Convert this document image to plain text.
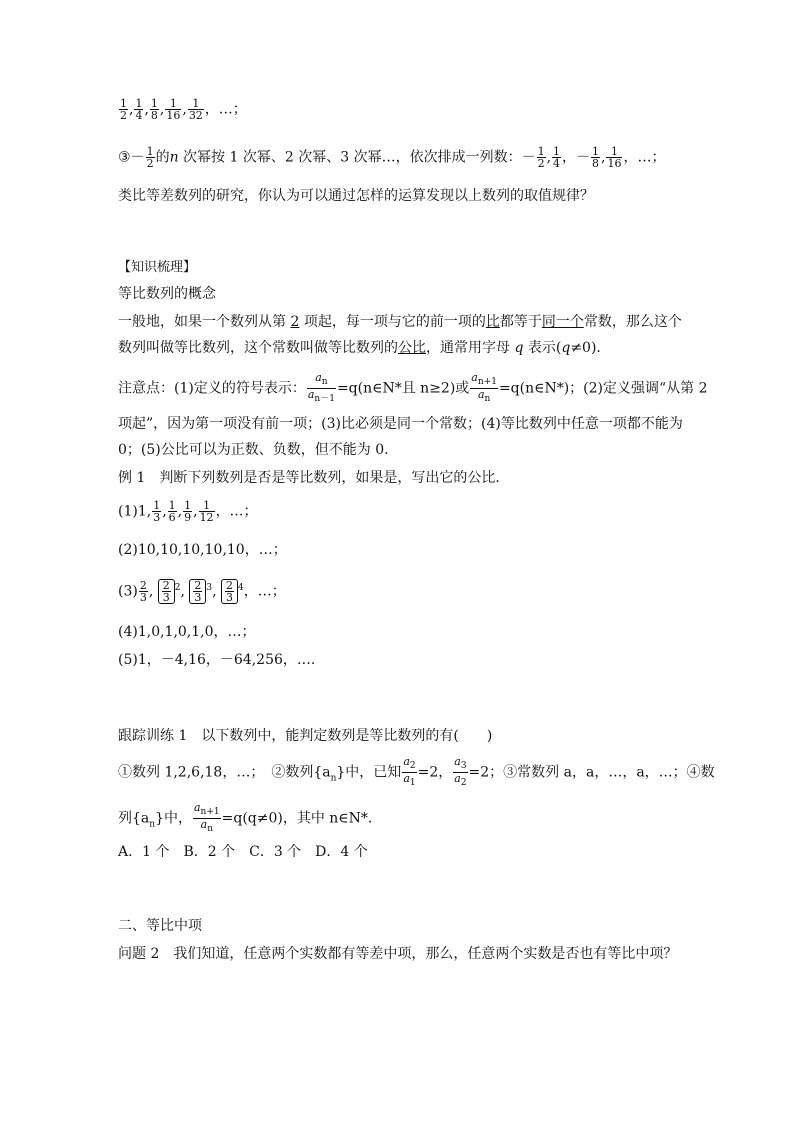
$\frac{1}{2}$ , $\frac{1}{4}$ , $\frac{1}{8}$ , $\frac{1}{16}$ , $\frac{1}{32}$ ，…；
③－ $\frac{1}{2}$ 的n 次幂按 1 次幂、2 次幂、3 次幂…，依次排成一列数：－ $\frac{1}{2}$ , $\frac{1}{4}$ ，－ $\frac{1}{8}$ , $\frac{1}{16}$ ，…；
类比等差数列的研究，你认为可以通过怎样的运算发现以上数列的取值规律？
【知识梳理】
等比数列的概念
一般地，如果一个数列从第 2 项起，每一项与它的前一项的比都等于同一个常数，那么这个
数列叫做等比数列，这个常数叫做等比数列的公比，通常用字母 q 表示(q≠0)．
注意点：(1)定义的符号表示： $\frac{a_n}{a_{n-1}}$ =q(n∈N*且 n≥2)或 $\frac{a_{n+1}}{a_n}$ =q(n∈N*)；(2)定义强调“从第 2
项起”，因为第一项没有前一项；(3)比必须是同一个常数；(4)等比数列中任意一项都不能为
0；(5)公比可以为正数、负数，但不能为 0.
例 1　判断下列数列是否是等比数列，如果是，写出它的公比．
(1)1, $\frac{1}{3}$ , $\frac{1}{6}$ , $\frac{1}{9}$ , $\frac{1}{12}$ ，…；
(2)10,10,10,10,10，…；
$(3) \frac{2}{3}$ , $\frac{2}{3} ^2$, $\frac{2}{3} ^3$, $\frac{2}{3} ^4$，…；
(4)1,0,1,0,1,0，…；
(5)1，－4,16，－64,256，….
跟踪训练 1　以下数列中，能判定数列是等比数列的有(　　)
①数列 1,2,6,18，…；　②数列$\{a_n\}$中，已知 $\frac{a_2}{a_1} =2$， $\frac{a_3}{a_2} =2$；③常数列 a，a，…，a，…；④数
列$\{a_n\}$中， $\frac{a_{n+1}}{a_n} =q(q\ne 0)$，其中 n∈N*.
A．1 个　B．2 个　C．3 个　D．4 个
二、等比中项
问题 2　我们知道，任意两个实数都有等差中项，那么，任意两个实数是否也有等比中项？
